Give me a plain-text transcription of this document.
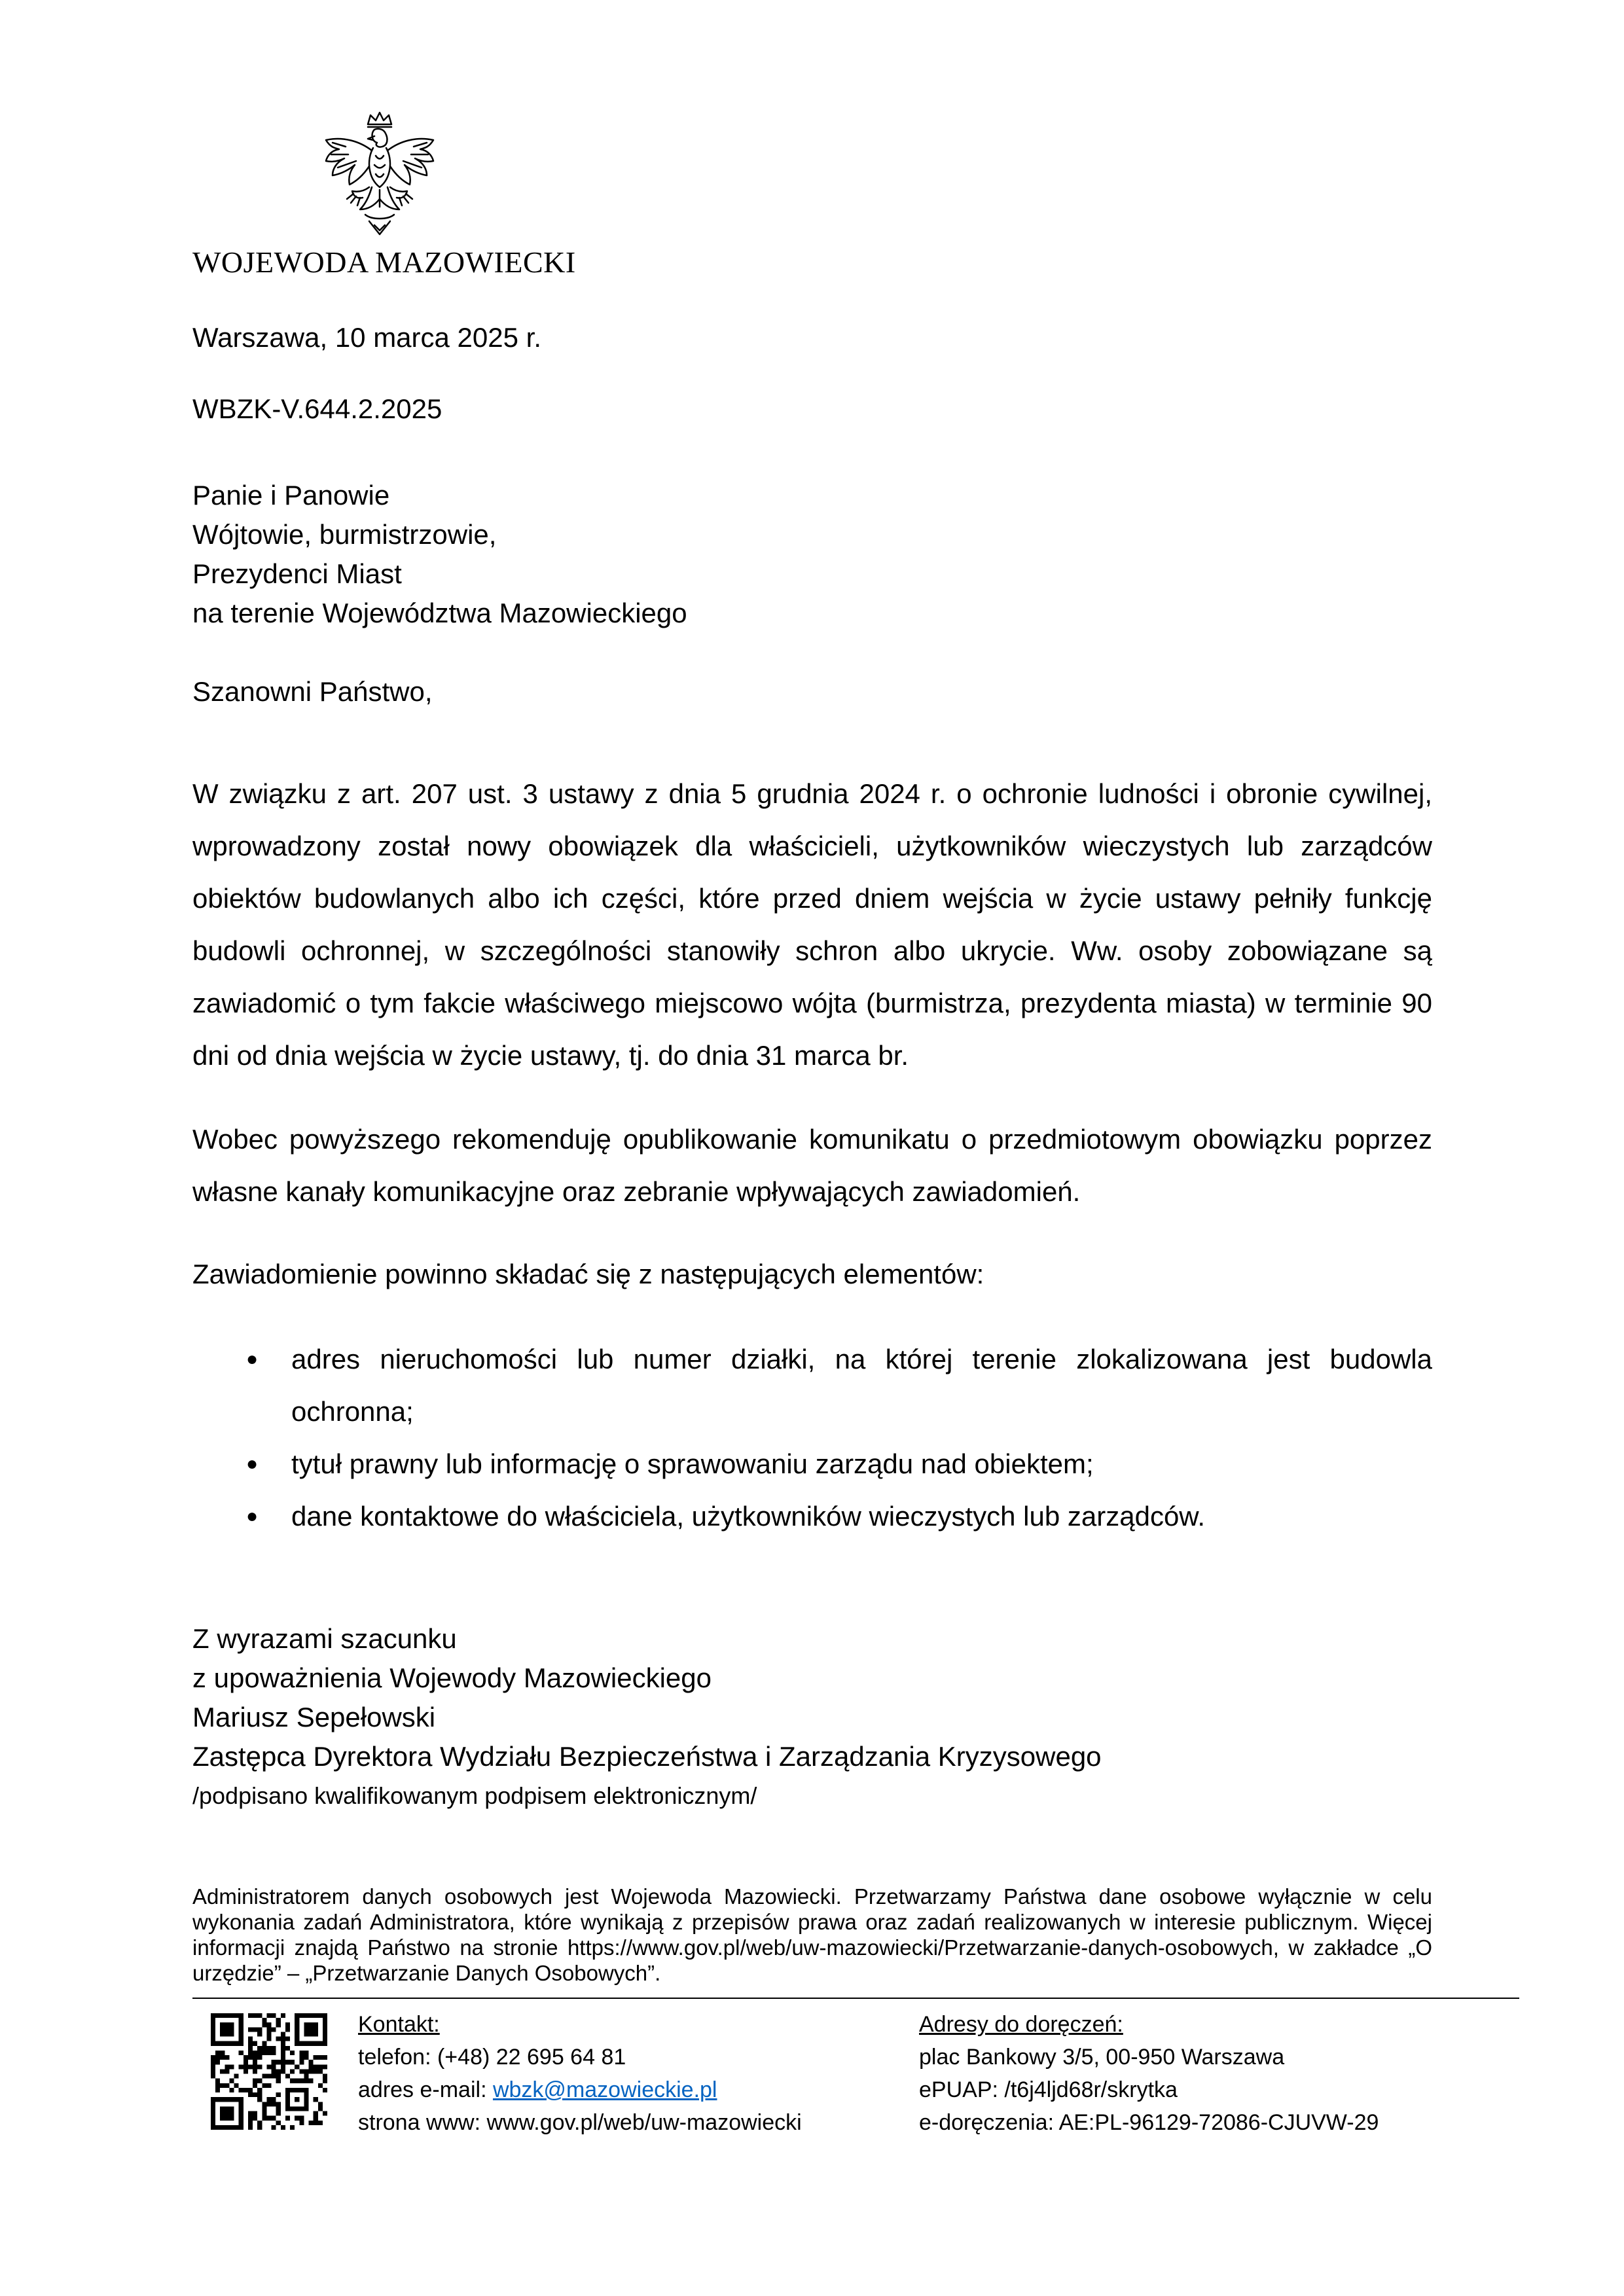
WOJEWODA MAZOWIECKI
Warszawa, 10 marca 2025 r.
WBZK-V.644.2.2025
Panie i Panowie
Wójtowie, burmistrzowie,
Prezydenci Miast
na terenie Województwa Mazowieckiego
Szanowni Państwo,
W związku z art. 207 ust. 3 ustawy z dnia 5 grudnia 2024 r. o ochronie ludności i obronie cywilnej, wprowadzony został nowy obowiązek dla właścicieli, użytkowników wieczystych lub zarządców obiektów budowlanych albo ich części, które przed dniem wejścia w życie ustawy pełniły funkcję budowli ochronnej, w szczególności stanowiły schron albo ukrycie. Ww. osoby zobowiązane są zawiadomić o tym fakcie właściwego miejscowo wójta (burmistrza, prezydenta miasta) w terminie 90 dni od dnia wejścia w życie ustawy, tj. do dnia 31 marca br.
Wobec powyższego rekomenduję opublikowanie komunikatu o przedmiotowym obowiązku poprzez własne kanały komunikacyjne oraz zebranie wpływających zawiadomień.
Zawiadomienie powinno składać się z następujących elementów:
● adres nieruchomości lub numer działki, na której terenie zlokalizowana jest budowla ochronna;
● tytuł prawny lub informację o sprawowaniu zarządu nad obiektem;
● dane kontaktowe do właściciela, użytkowników wieczystych lub zarządców.
Z wyrazami szacunku
z upoważnienia Wojewody Mazowieckiego
Mariusz Sepełowski
Zastępca Dyrektora Wydziału Bezpieczeństwa i Zarządzania Kryzysowego
/podpisano kwalifikowanym podpisem elektronicznym/
Administratorem danych osobowych jest Wojewoda Mazowiecki. Przetwarzamy Państwa dane osobowe wyłącznie w celu wykonania zadań Administratora, które wynikają z przepisów prawa oraz zadań realizowanych w interesie publicznym. Więcej informacji znajdą Państwo na stronie https://www.gov.pl/web/uw-mazowiecki/Przetwarzanie-danych-osobowych, w zakładce „O urzędzie” – „Przetwarzanie Danych Osobowych”.
Kontakt:
telefon: (+48) 22 695 64 81
adres e-mail: wbzk@mazowieckie.pl
strona www: www.gov.pl/web/uw-mazowiecki
Adresy do doręczeń:
plac Bankowy 3/5, 00-950 Warszawa
ePUAP: /t6j4ljd68r/skrytka
e-doręczenia: AE:PL-96129-72086-CJUVW-29
